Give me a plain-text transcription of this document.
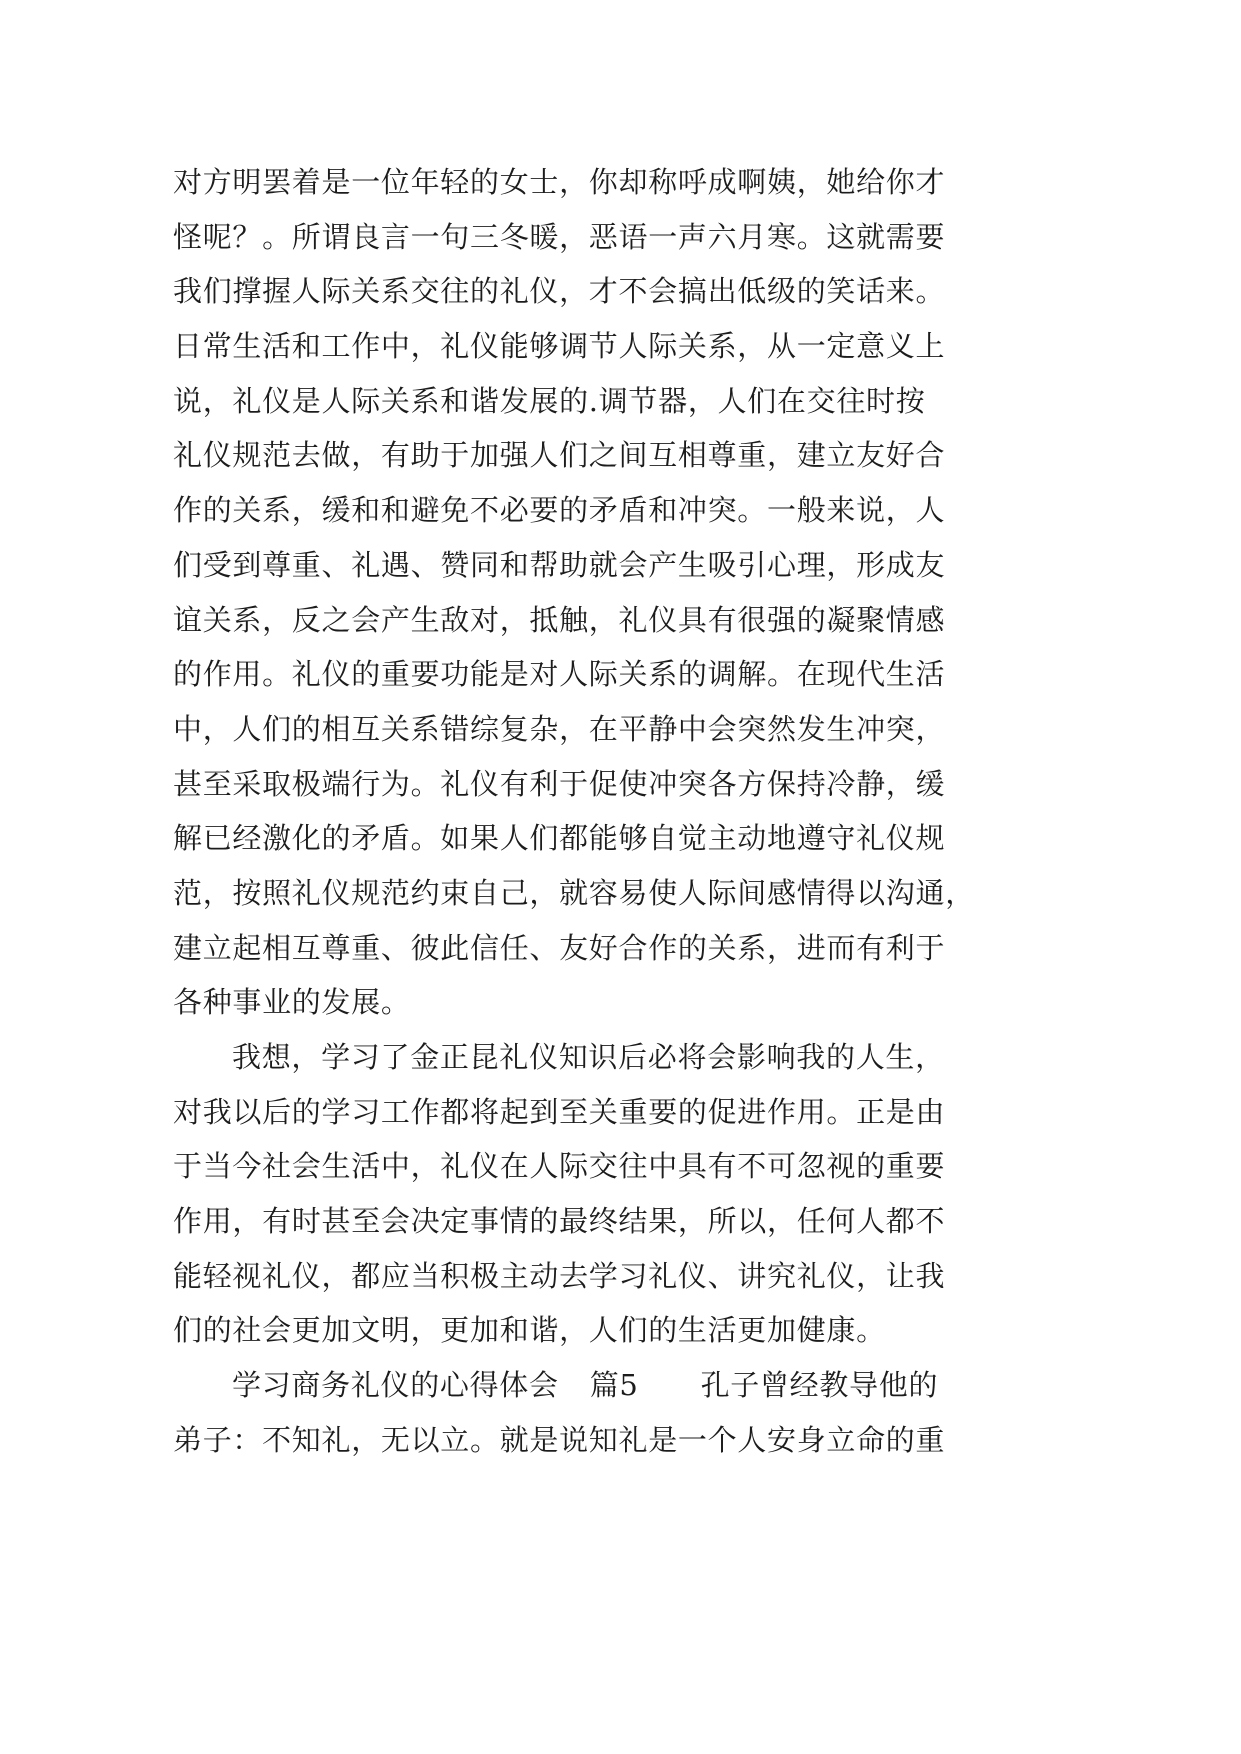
对方明罢着是一位年轻的女士，你却称呼成啊姨，她给你才
怪呢？。所谓良言一句三冬暖，恶语一声六月寒。这就需要
我们撑握人际关系交往的礼仪，才不会搞出低级的笑话来。
日常生活和工作中，礼仪能够调节人际关系，从一定意义上
说，礼仪是人际关系和谐发展的.调节器，人们在交往时按
礼仪规范去做，有助于加强人们之间互相尊重，建立友好合
作的关系，缓和和避免不必要的矛盾和冲突。一般来说，人
们受到尊重、礼遇、赞同和帮助就会产生吸引心理，形成友
谊关系，反之会产生敌对，抵触，礼仪具有很强的凝聚情感
的作用。礼仪的重要功能是对人际关系的调解。在现代生活
中，人们的相互关系错综复杂，在平静中会突然发生冲突，
甚至采取极端行为。礼仪有利于促使冲突各方保持冷静，缓
解已经激化的矛盾。如果人们都能够自觉主动地遵守礼仪规
范，按照礼仪规范约束自己，就容易使人际间感情得以沟通，
建立起相互尊重、彼此信任、友好合作的关系，进而有利于
各种事业的发展。
我想，学习了金正昆礼仪知识后必将会影响我的人生，
对我以后的学习工作都将起到至关重要的促进作用。正是由
于当今社会生活中，礼仪在人际交往中具有不可忽视的重要
作用，有时甚至会决定事情的最终结果，所以，任何人都不
能轻视礼仪，都应当积极主动去学习礼仪、讲究礼仪，让我
们的社会更加文明，更加和谐，人们的生活更加健康。
学习商务礼仪的心得体会 篇5 孔子曾经教导他的
弟子：不知礼，无以立。就是说知礼是一个人安身立命的重
